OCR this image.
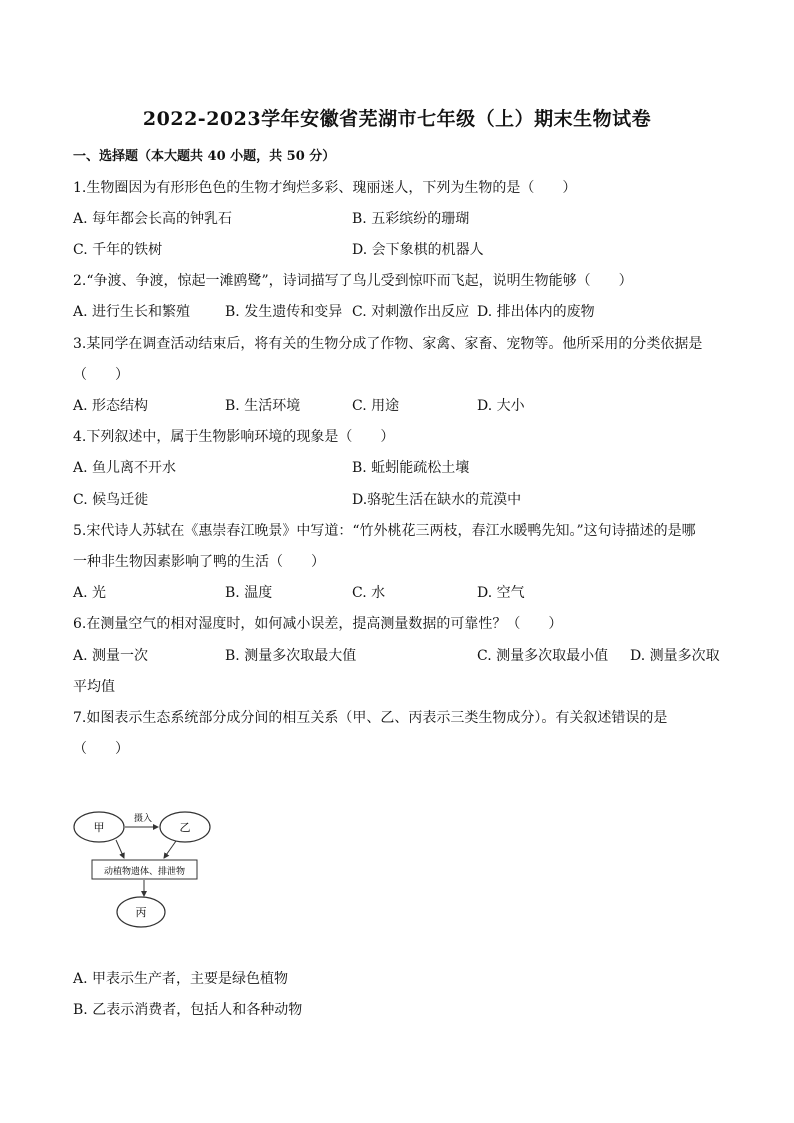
2022-2023学年安徽省芜湖市七年级（上）期末生物试卷
一、选择题（本大题共 40 小题，共 50 分）
1.生物圈因为有形形色色的生物才绚烂多彩、瑰丽迷人，下列为生物的是（　　）
A. 每年都会长高的钟乳石	B. 五彩缤纷的珊瑚
C. 千年的铁树	D. 会下象棋的机器人
2.“争渡、争渡，惊起一滩鸥鹭”，诗词描写了鸟儿受到惊吓而飞起，说明生物能够（　　）
A. 进行生长和繁殖 B. 发生遗传和变异 C. 对刺激作出反应 D. 排出体内的废物
3.某同学在调查活动结束后，将有关的生物分成了作物、家禽、家畜、宠物等。他所采用的分类依据是
（　　）
A. 形态结构	B. 生活环境	C. 用途	D. 大小
4.下列叙述中，属于生物影响环境的现象是（　　）
A. 鱼儿离不开水	B. 蚯蚓能疏松土壤
C. 候鸟迁徙	D.骆驼生活在缺水的荒漠中
5.宋代诗人苏轼在《惠崇春江晚景》中写道：“竹外桃花三两枝，春江水暖鸭先知。”这句诗描述的是哪
一种非生物因素影响了鸭的生活（　　）
A. 光	B. 温度	C. 水	D. 空气
6.在测量空气的相对湿度时，如何减小误差，提高测量数据的可靠性？（　　）
A. 测量一次	B. 测量多次取最大值	C. 测量多次取最小值 D. 测量多次取
平均值
7.如图表示生态系统部分成分间的相互关系（甲、乙、丙表示三类生物成分）。有关叙述错误的是
（　　）
甲	乙
摄入
动植物遗体、排泄物
丙
A. 甲表示生产者，主要是绿色植物
B. 乙表示消费者，包括人和各种动物
